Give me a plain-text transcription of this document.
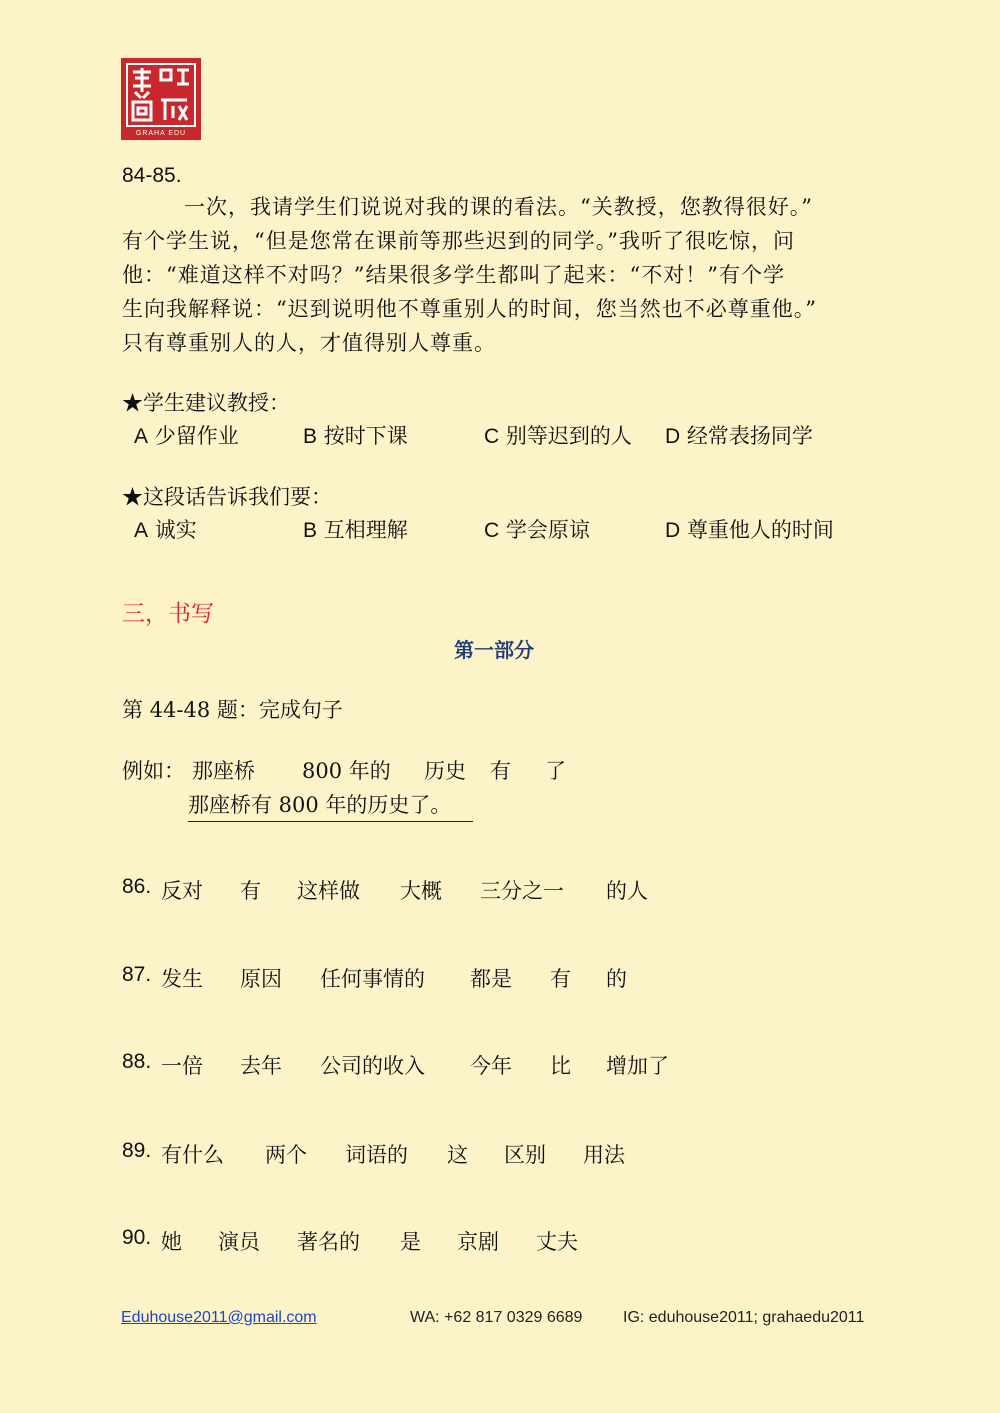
GRAHA EDU
84-85.

一次，我请学生们说说对我的课的看法。“关教授，您教得很好。”

有个学生说，“但是您常在课前等那些迟到的同学。”我听了很吃惊，问

他：“难道这样不对吗？”结果很多学生都叫了起来：“不对！”有个学

生向我解释说：“迟到说明他不尊重别人的时间，您当然也不必尊重他。”

只有尊重别人的人，才值得别人尊重。

★学生建议教授：
A 少留作业	B 按时下课	C 别等迟到的人 D 经常表扬同学
★这段话告诉我们要：
A 诚实	B 互相理解	C 学会原谅	D 尊重他人的时间
三，书写
第一部分
第 44-48 题：完成句子
例如： 那座桥 800 年的 历史 有 了
那座桥有 800 年的历史了。
86. 反对 有 这样做 大概 三分之一 的人
87. 发生 原因 任何事情的 都是 有 的
88. 一倍 去年 公司的收入 今年 比 增加了
89. 有什么 两个 词语的 这 区别 用法
90. 她 演员 著名的 是 京剧 丈夫
Eduhouse2011@gmail.com	WA: +62 817 0329 6689	IG: eduhouse2011; grahaedu2011
